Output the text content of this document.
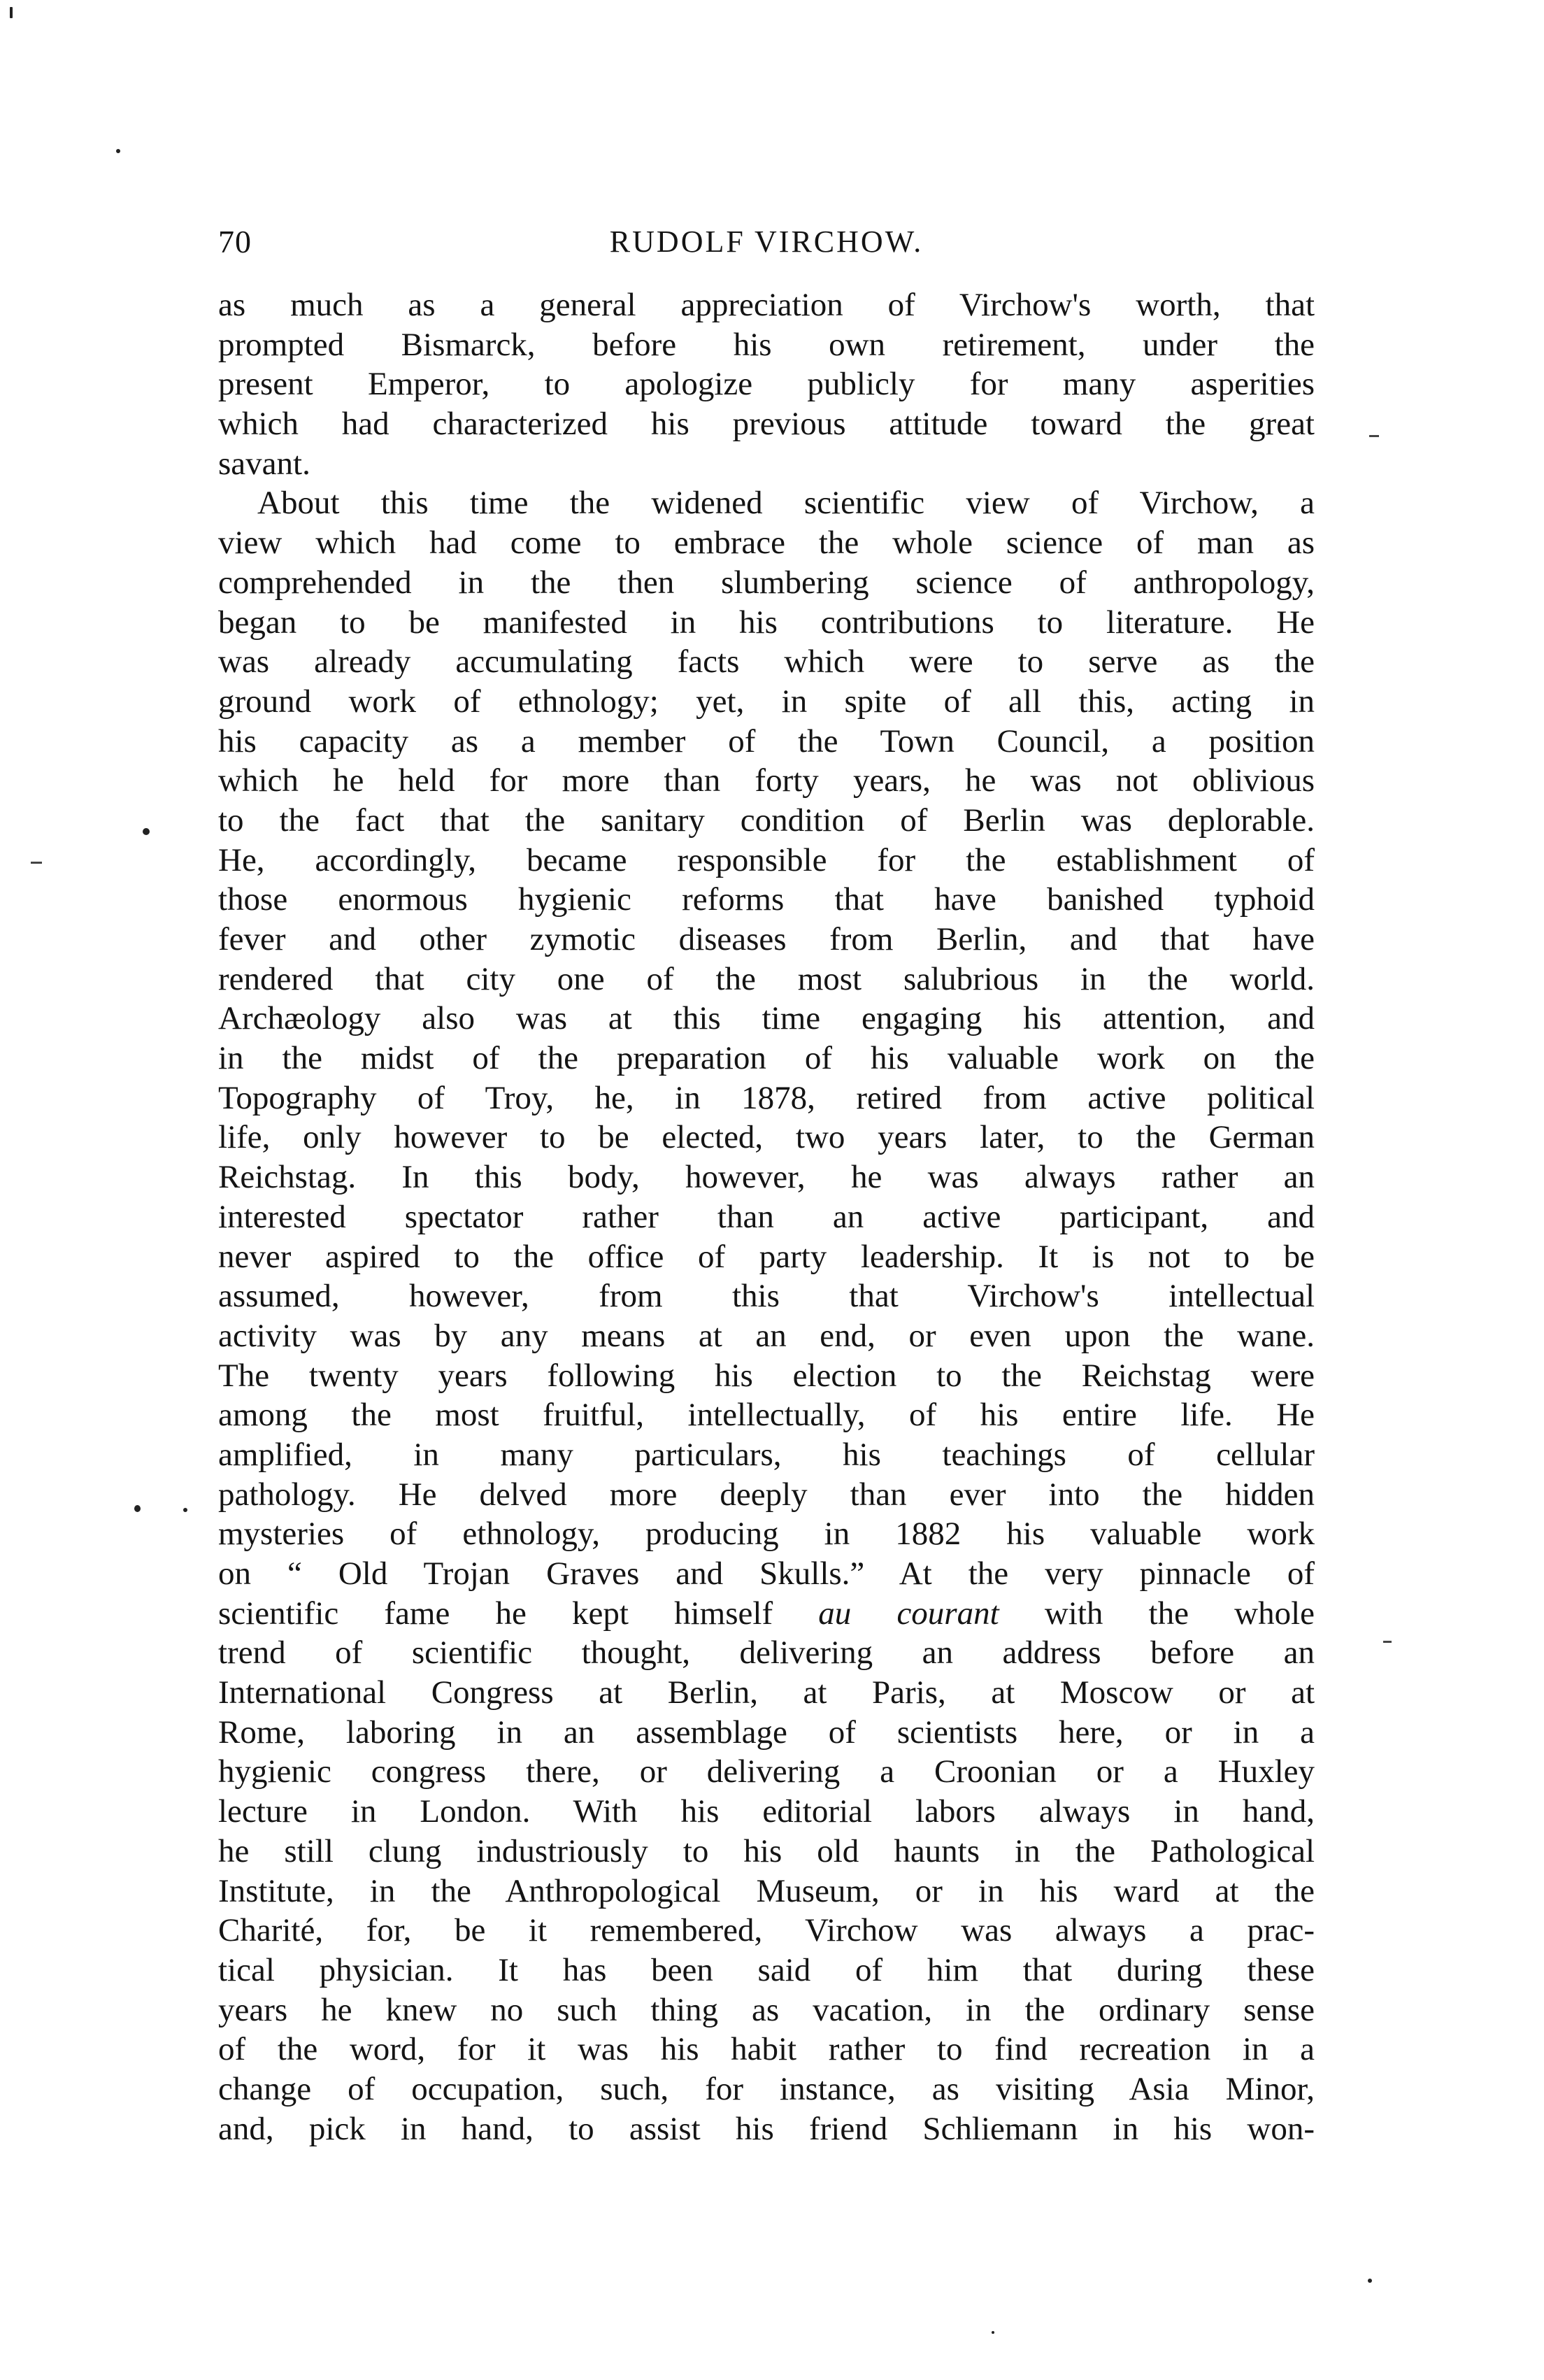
70	RUDOLF VIRCHOW.
as much as a general appreciation of Virchow's worth, that
prompted Bismarck, before his own retirement, under the
present Emperor, to apologize publicly for many asperities
which had characterized his previous attitude toward the great
savant.
About this time the widened scientific view of Virchow, a
view which had come to embrace the whole science of man as
comprehended in the then slumbering science of anthropology,
began to be manifested in his contributions to literature. He
was already accumulating facts which were to serve as the
ground work of ethnology; yet, in spite of all this, acting in
his capacity as a member of the Town Council, a position
which he held for more than forty years, he was not oblivious
to the fact that the sanitary condition of Berlin was deplorable.
He, accordingly, became responsible for the establishment of
those enormous hygienic reforms that have banished typhoid
fever and other zymotic diseases from Berlin, and that have
rendered that city one of the most salubrious in the world.
Archæology also was at this time engaging his attention, and
in the midst of the preparation of his valuable work on the
Topography of Troy, he, in 1878, retired from active political
life, only however to be elected, two years later, to the German
Reichstag. In this body, however, he was always rather an
interested spectator rather than an active participant, and
never aspired to the office of party leadership. It is not to be
assumed, however, from this that Virchow's intellectual
activity was by any means at an end, or even upon the wane.
The twenty years following his election to the Reichstag were
among the most fruitful, intellectually, of his entire life. He
amplified, in many particulars, his teachings of cellular
pathology. He delved more deeply than ever into the hidden
mysteries of ethnology, producing in 1882 his valuable work
on “ Old Trojan Graves and Skulls.” At the very pinnacle of
scientific fame he kept himself au courant with the whole
trend of scientific thought, delivering an address before an
International Congress at Berlin, at Paris, at Moscow or at
Rome, laboring in an assemblage of scientists here, or in a
hygienic congress there, or delivering a Croonian or a Huxley
lecture in London. With his editorial labors always in hand,
he still clung industriously to his old haunts in the Pathological
Institute, in the Anthropological Museum, or in his ward at the
Charité, for, be it remembered, Virchow was always a prac-
tical physician. It has been said of him that during these
years he knew no such thing as vacation, in the ordinary sense
of the word, for it was his habit rather to find recreation in a
change of occupation, such, for instance, as visiting Asia Minor,
and, pick in hand, to assist his friend Schliemann in his won-
